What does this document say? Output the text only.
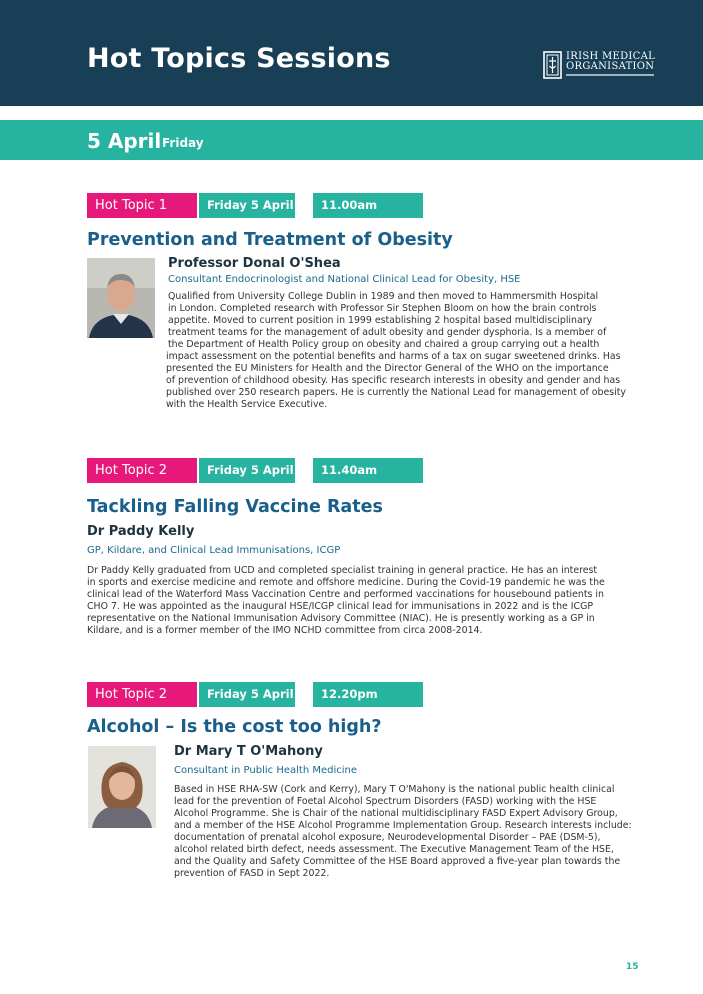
Hot Topics Sessions	IRISH MEDICAL
ORGANISATION
5 April Friday
Hot Topic 1	Friday 5 April	11.00am
Prevention and Treatment of Obesity
Professor Donal O'Shea
Consultant Endocrinologist and National Clinical Lead for Obesity, HSE
Qualified from University College Dublin in 1989 and then moved to Hammersmith Hospital
in London. Completed research with Professor Sir Stephen Bloom on how the brain controls
appetite. Moved to current position in 1999 establishing 2 hospital based multidisciplinary
treatment teams for the management of adult obesity and gender dysphoria. Is a member of
the Department of Health Policy group on obesity and chaired a group carrying out a health
impact assessment on the potential benefits and harms of a tax on sugar sweetened drinks. Has
presented the EU Ministers for Health and the Director General of the WHO on the importance
of prevention of childhood obesity. Has specific research interests in obesity and gender and has
published over 250 research papers. He is currently the National Lead for management of obesity
with the Health Service Executive.
Hot Topic 2	Friday 5 April	11.40am
Tackling Falling Vaccine Rates
Dr Paddy Kelly
GP, Kildare, and Clinical Lead Immunisations, ICGP
Dr Paddy Kelly graduated from UCD and completed specialist training in general practice. He has an interest
in sports and exercise medicine and remote and offshore medicine. During the Covid-19 pandemic he was the
clinical lead of the Waterford Mass Vaccination Centre and performed vaccinations for housebound patients in
CHO 7. He was appointed as the inaugural HSE/ICGP clinical lead for immunisations in 2022 and is the ICGP
representative on the National Immunisation Advisory Committee (NIAC). He is presently working as a GP in
Kildare, and is a former member of the IMO NCHD committee from circa 2008-2014.
Hot Topic 2	Friday 5 April	12.20pm
Alcohol – Is the cost too high?
Dr Mary T O'Mahony
Consultant in Public Health Medicine
Based in HSE RHA-SW (Cork and Kerry), Mary T O'Mahony is the national public health clinical
lead for the prevention of Foetal Alcohol Spectrum Disorders (FASD) working with the HSE
Alcohol Programme. She is Chair of the national multidisciplinary FASD Expert Advisory Group,
and a member of the HSE Alcohol Programme Implementation Group. Research interests include:
documentation of prenatal alcohol exposure, Neurodevelopmental Disorder – PAE (DSM-5),
alcohol related birth defect, needs assessment. The Executive Management Team of the HSE,
and the Quality and Safety Committee of the HSE Board approved a five-year plan towards the
prevention of FASD in Sept 2022.
15
